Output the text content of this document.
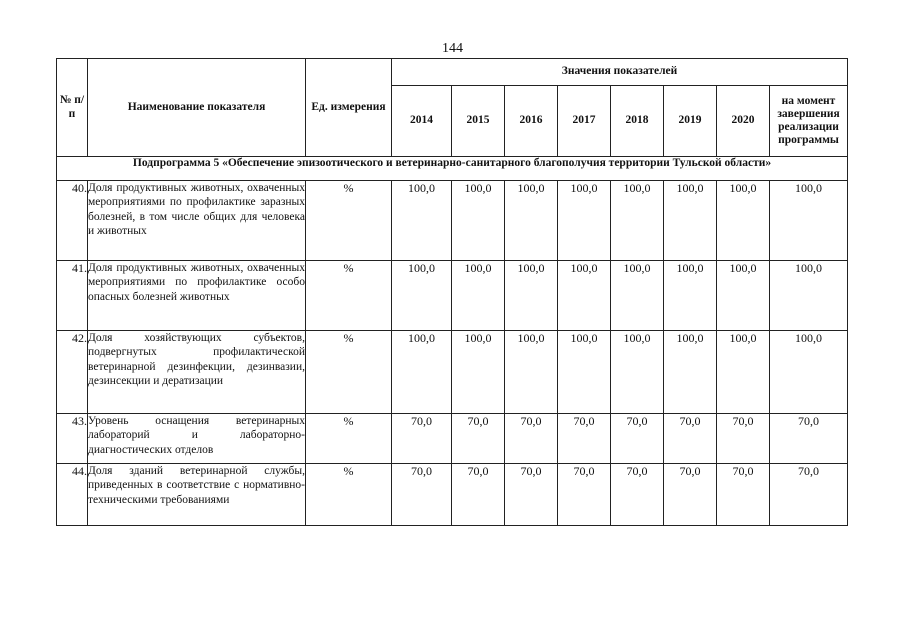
144
№ п/п	Наименование показателя	Ед. измерения	Значения показателей							
			2014	2015	2016	2017	2018	2019	2020	на момент завершения реализации программы
Подпрограмма 5 «Обеспечение эпизоотического и ветеринарно-санитарного благополучия территории Тульской области»										
40.	Доля продуктивных животных, охваченных мероприятиями по профилактике заразных болезней, в том числе общих для человека и животных	%	100,0	100,0	100,0	100,0	100,0	100,0	100,0	100,0
41.	Доля продуктивных животных, охваченных мероприятиями по профилактике особо опасных болезней животных	%	100,0	100,0	100,0	100,0	100,0	100,0	100,0	100,0
42.	Доля хозяйствующих субъектов, подвергнутых профилактической ветеринарной дезинфекции, дезинвазии, дезинсекции и дератизации	%	100,0	100,0	100,0	100,0	100,0	100,0	100,0	100,0
43.	Уровень оснащения ветеринарных лабораторий и лабораторно-диагностических отделов	%	70,0	70,0	70,0	70,0	70,0	70,0	70,0	70,0
44.	Доля зданий ветеринарной службы, приведенных в соответствие с нормативно-техническими требованиями	%	70,0	70,0	70,0	70,0	70,0	70,0	70,0	70,0
